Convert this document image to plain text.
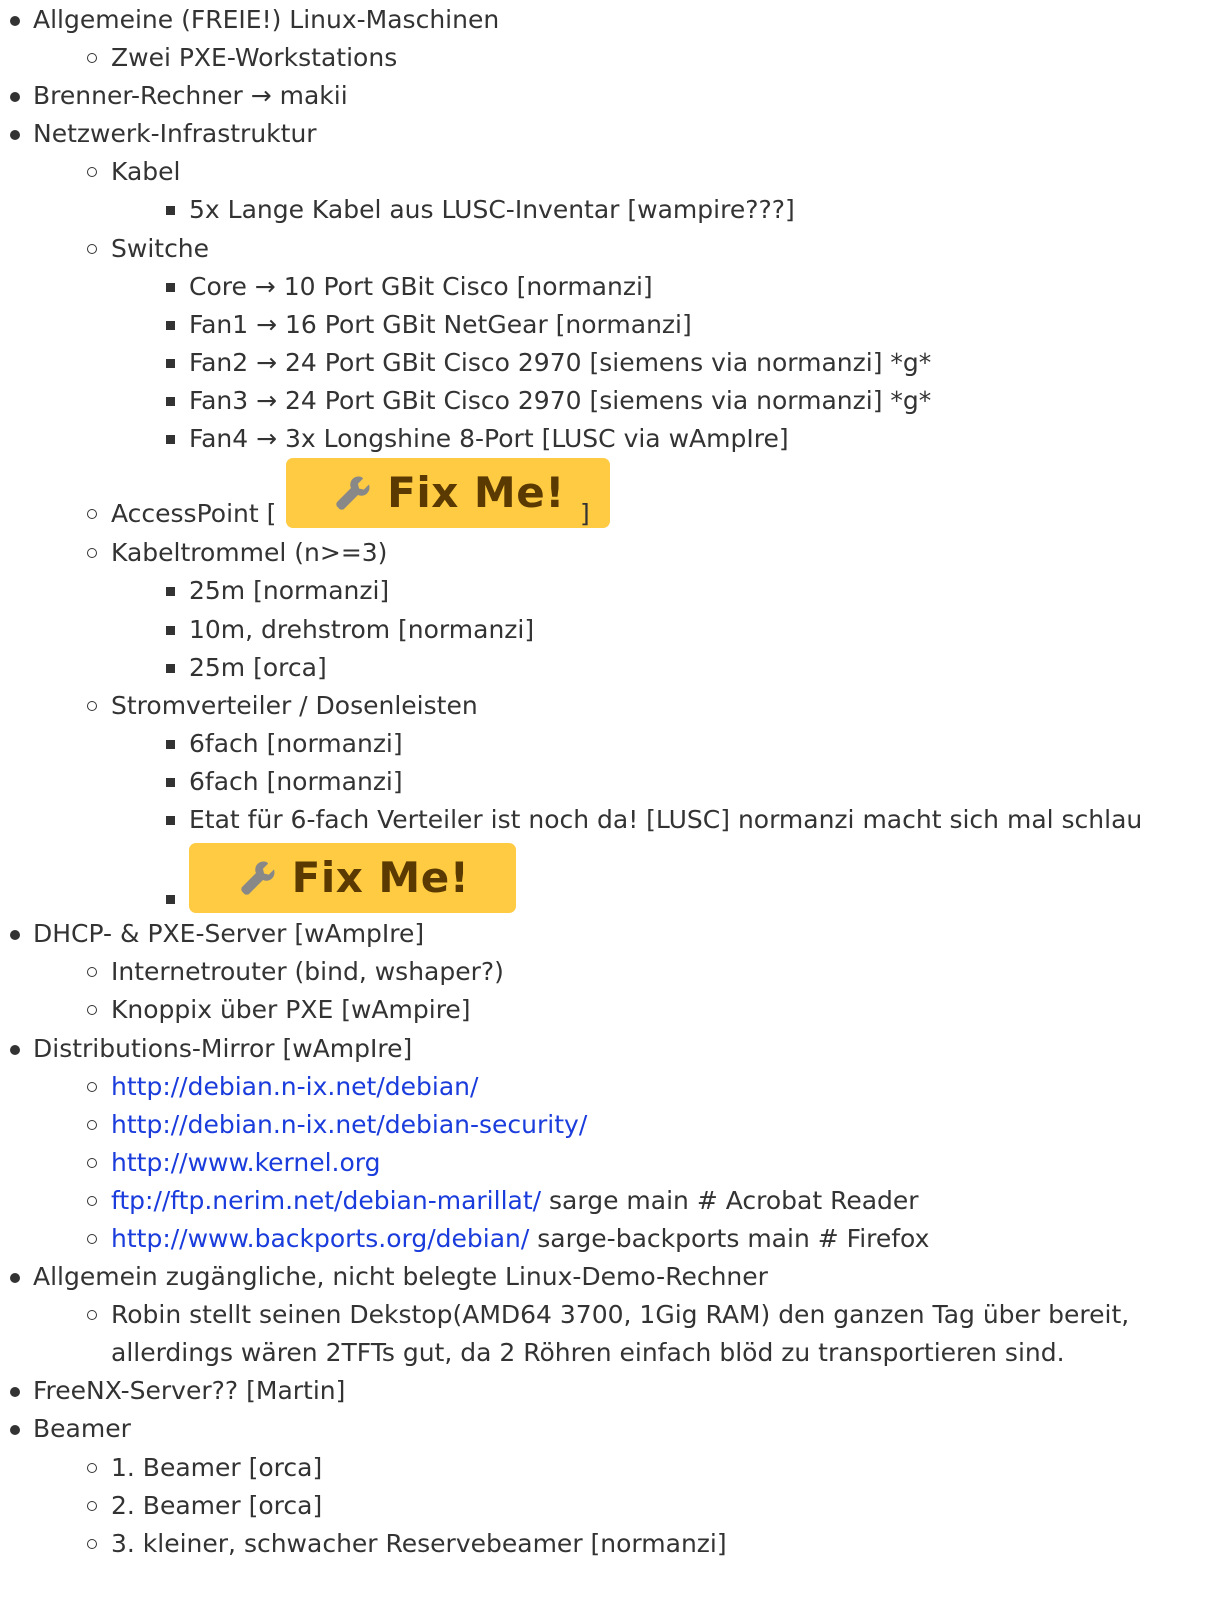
Allgemeine (FREIE!) Linux-Maschinen
Zwei PXE-Workstations
Brenner-Rechner → makii
Netzwerk-Infrastruktur
Kabel
5x Lange Kabel aus LUSC-Inventar [wampire???]
Switche
Core → 10 Port GBit Cisco [normanzi]
Fan1 → 16 Port GBit NetGear [normanzi]
Fan2 → 24 Port GBit Cisco 2970 [siemens via normanzi] *g*
Fan3 → 24 Port GBit Cisco 2970 [siemens via normanzi] *g*
Fan4 → 3x Longshine 8-Port [LUSC via wAmpIre]
AccessPoint [	Fix Me! ]
Kabeltrommel (n>=3)
25m [normanzi]
10m, drehstrom [normanzi]
25m [orca]
Stromverteiler / Dosenleisten
6fach [normanzi]
6fach [normanzi]
Etat für 6-fach Verteiler ist noch da! [LUSC] normanzi macht sich mal schlau
Fix Me!
DHCP- & PXE-Server [wAmpIre]
Internetrouter (bind, wshaper?)
Knoppix über PXE [wAmpire]
Distributions-Mirror [wAmpIre]
http://debian.n-ix.net/debian/
http://debian.n-ix.net/debian-security/
http://www.kernel.org
ftp://ftp.nerim.net/debian-marillat/ sarge main # Acrobat Reader
http://www.backports.org/debian/ sarge-backports main # Firefox
Allgemein zugängliche, nicht belegte Linux-Demo-Rechner
Robin stellt seinen Dekstop(AMD64 3700, 1Gig RAM) den ganzen Tag über bereit, allerdings wären 2TFTs gut, da 2 Röhren einfach blöd zu transportieren sind.
FreeNX-Server?? [Martin]
Beamer
1. Beamer [orca]
2. Beamer [orca]
3. kleiner, schwacher Reservebeamer [normanzi]
